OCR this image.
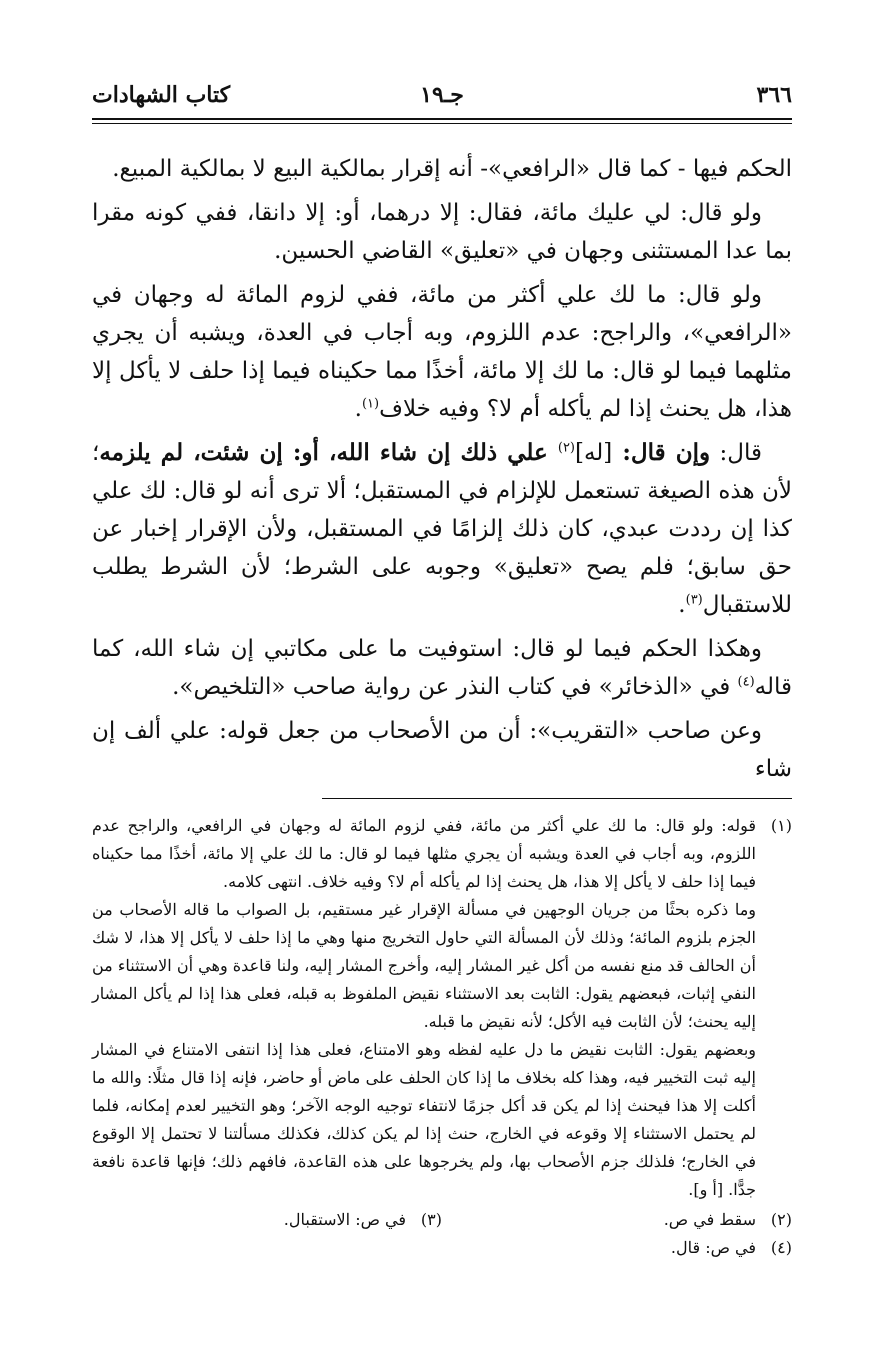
٣٦٦
جـ١٩
كتاب الشهادات

الحكم فيها - كما قال «الرافعي»- أنه إقرار بمالكية البيع لا بمالكية المبيع.

ولو قال: لي عليك مائة، فقال: إلا درهما، أو: إلا دانقا، ففي كونه مقرا بما عدا المستثنى وجهان في «تعليق» القاضي الحسين.

ولو قال: ما لك علي أكثر من مائة، ففي لزوم المائة له وجهان في «الرافعي»، والراجح: عدم اللزوم، وبه أجاب في العدة، ويشبه أن يجري مثلهما فيما لو قال: ما لك إلا مائة، أخذًا مما حكيناه فيما إذا حلف لا يأكل إلا هذا، هل يحنث إذا لم يأكله أم لا؟ وفيه خلاف$^{(١)}$.

قال: وإن قال: [له]$^{(٢)}$ علي ذلك إن شاء الله، أو: إن شئت، لم يلزمه؛ لأن هذه الصيغة تستعمل للإلزام في المستقبل؛ ألا ترى أنه لو قال: لك علي كذا إن رددت عبدي، كان ذلك إلزامًا في المستقبل، ولأن الإقرار إخبار عن حق سابق؛ فلم يصح «تعليق» وجوبه على الشرط؛ لأن الشرط يطلب للاستقبال$^{(٣)}$.

وهكذا الحكم فيما لو قال: استوفيت ما على مكاتبي إن شاء الله، كما قاله$^{(٤)}$ في «الذخائر» في كتاب النذر عن رواية صاحب «التلخيص».

وعن صاحب «التقريب»: أن من الأصحاب من جعل قوله: علي ألف إن شاء

(١)

قوله: ولو قال: ما لك علي أكثر من مائة، ففي لزوم المائة له وجهان في الرافعي، والراجح عدم اللزوم، وبه أجاب في العدة ويشبه أن يجري مثلها فيما لو قال: ما لك علي إلا مائة، أخذًا مما حكيناه فيما إذا حلف لا يأكل إلا هذا، هل يحنث إذا لم يأكله أم لا؟ وفيه خلاف. انتهى كلامه.

وما ذكره بحثًا من جريان الوجهين في مسألة الإقرار غير مستقيم، بل الصواب ما قاله الأصحاب من الجزم بلزوم المائة؛ وذلك لأن المسألة التي حاول التخريج منها وهي ما إذا حلف لا يأكل إلا هذا، لا شك أن الحالف قد منع نفسه من أكل غير المشار إليه، وأخرج المشار إليه، ولنا قاعدة وهي أن الاستثناء من النفي إثبات، فبعضهم يقول: الثابت بعد الاستثناء نقيض الملفوظ به قبله، فعلى هذا إذا لم يأكل المشار إليه يحنث؛ لأن الثابت فيه الأكل؛ لأنه نقيض ما قبله.

وبعضهم يقول: الثابت نقيض ما دل عليه لفظه وهو الامتناع، فعلى هذا إذا انتفى الامتناع في المشار إليه ثبت التخيير فيه، وهذا كله بخلاف ما إذا كان الحلف على ماض أو حاضر، فإنه إذا قال مثلًا: والله ما أكلت إلا هذا فيحنث إذا لم يكن قد أكل جزمًا لانتفاء توجيه الوجه الآخر؛ وهو التخيير لعدم إمكانه، فلما لم يحتمل الاستثناء إلا وقوعه في الخارج، حنث إذا لم يكن كذلك، فكذلك مسألتنا لا تحتمل إلا الوقوع في الخارج؛ فلذلك جزم الأصحاب بها، ولم يخرجوها على هذه القاعدة، فافهم ذلك؛ فإنها قاعدة نافعة جدًّا. [أ و].

(٢)
سقط في ص.
(٣)
في ص: الاستقبال.
(٤)
في ص: قال.
